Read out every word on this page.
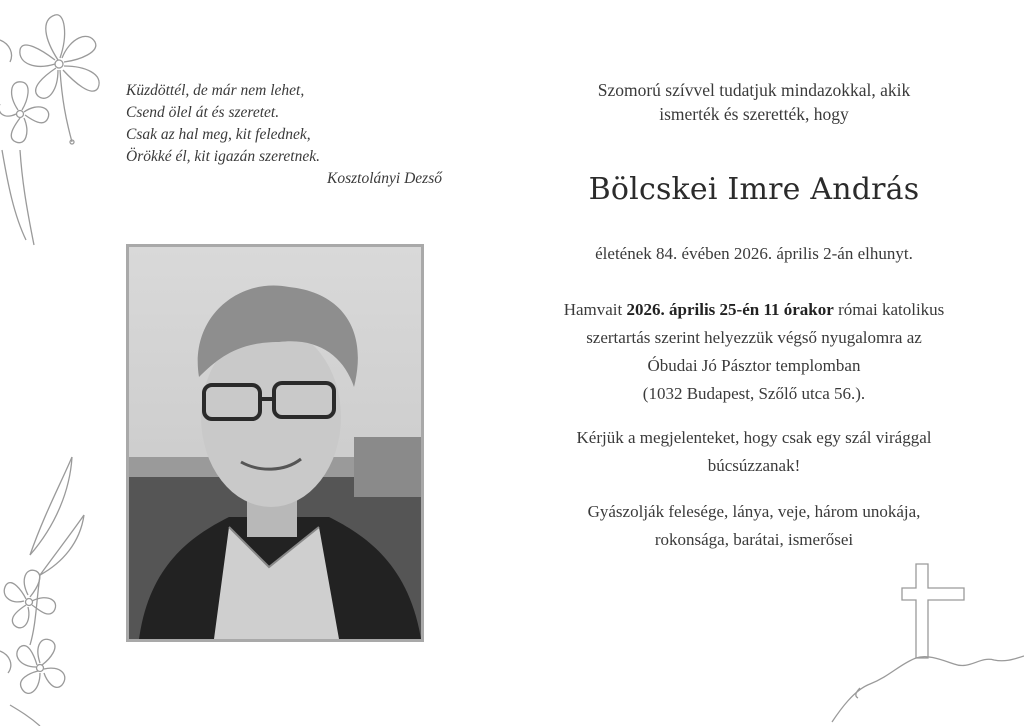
Küzdöttél, de már nem lehet,
Csend ölel át és szeretet.
Csak az hal meg, kit felednek,
Örökké él, kit igazán szeretnek.
Kosztolányi Dezső

Szomorú szívvel tudatjuk mindazokkal, akik
ismerték és szerették, hogy

Bölcskei Imre András

életének 84. évében 2026. április 2-án elhunyt.

Hamvait 2026. április 25-én 11 órakor római katolikus
szertartás szerint helyezzük végső nyugalomra az
Óbudai Jó Pásztor templomban
(1032 Budapest, Szőlő utca 56.).

Kérjük a megjelenteket, hogy csak egy szál virággal
búcsúzzanak!

Gyászolják felesége, lánya, veje, három unokája,
rokonsága, barátai, ismerősei
